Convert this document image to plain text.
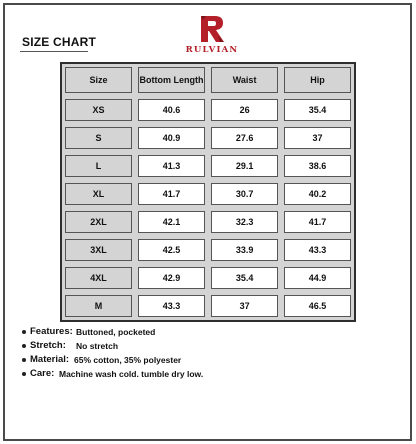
SIZE CHART
RULVIAN
Size	Bottom Length	Waist	Hip

XS	40.6	26	35.4

S	40.9	27.6	37

L	41.3	29.1	38.6

XL	41.7	30.7	40.2

2XL	42.1	32.3	41.7

3XL	42.5	33.9	43.3

4XL	42.9	35.4	44.9

M	43.3	37	46.5
Features: Buttoned, pocketed
Stretch: No stretch
Material: 65% cotton, 35% polyester
Care: Machine wash cold. tumble dry low.
